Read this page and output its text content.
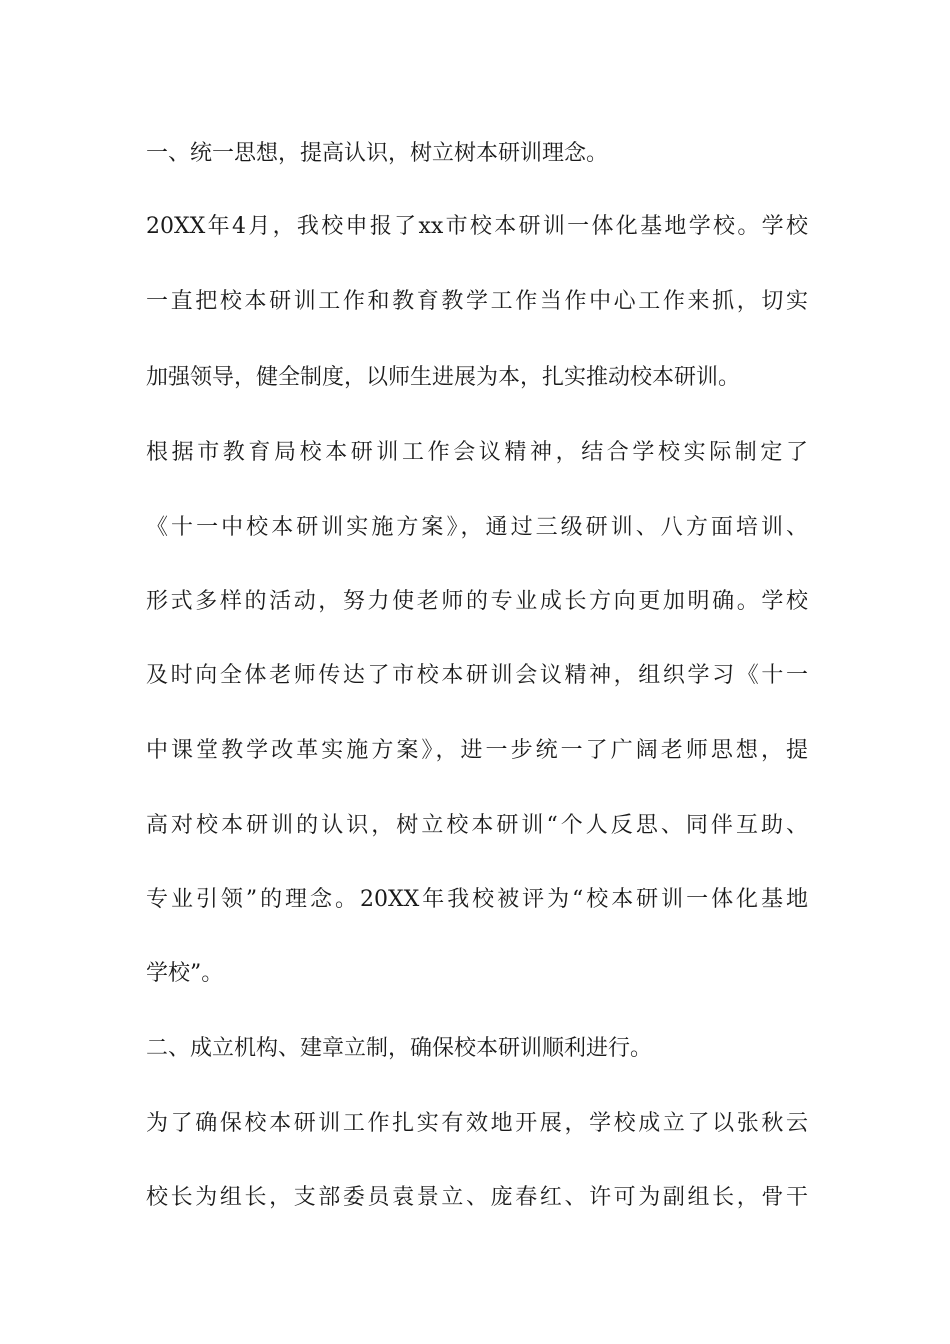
一、统一思想，提高认识，树立树本研训理念。
20XX年4月，我校申报了xx市校本研训一体化基地学校。学校
一直把校本研训工作和教育教学工作当作中心工作来抓，切实
加强领导，健全制度，以师生进展为本，扎实推动校本研训。
根据市教育局校本研训工作会议精神，结合学校实际制定了
《十一中校本研训实施方案》，通过三级研训、八方面培训、
形式多样的活动，努力使老师的专业成长方向更加明确。学校
及时向全体老师传达了市校本研训会议精神，组织学习《十一
中课堂教学改革实施方案》，进一步统一了广阔老师思想，提
高对校本研训的认识，树立校本研训“个人反思、同伴互助、
专业引领”的理念。20XX年我校被评为“校本研训一体化基地
学校”。
二、成立机构、建章立制，确保校本研训顺利进行。
为了确保校本研训工作扎实有效地开展，学校成立了以张秋云
校长为组长，支部委员袁景立、庞春红、许可为副组长，骨干
